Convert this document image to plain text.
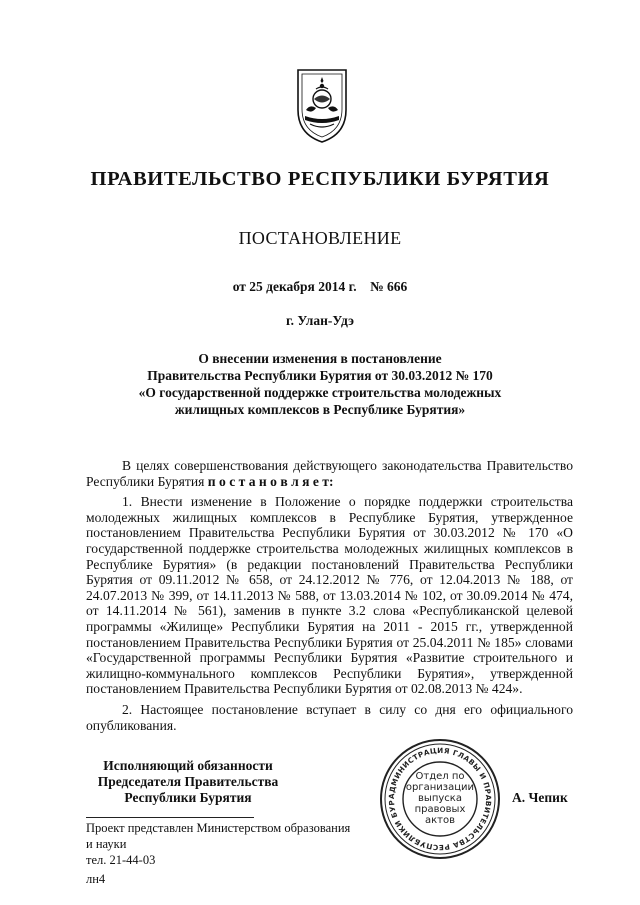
ПРАВИТЕЛЬСТВО РЕСПУБЛИКИ БУРЯТИЯ
ПОСТАНОВЛЕНИЕ
от 25 декабря 2014 г.    № 666
г. Улан-Удэ
О внесении изменения в постановление
Правительства Республики Бурятия от 30.03.2012 № 170
«О государственной поддержке строительства молодежных
жилищных комплексов в Республике Бурятия»

В целях совершенствования действующего законодательства Правительство Республики Бурятия п о с т а н о в л я е т:

1. Внести изменение в Положение о порядке поддержки строительства молодежных жилищных комплексов в Республике Бурятия, утвержденное постановлением Правительства Республики Бурятия от 30.03.2012 № 170 «О государственной поддержке строительства молодежных жилищных комплексов в Республике Бурятия» (в редакции постановлений Правительства Республики Бурятия от 09.11.2012 № 658, от 24.12.2012 № 776, от 12.04.2013 № 188, от 24.07.2013 № 399, от 14.11.2013 № 588, от 13.03.2014 № 102, от 30.09.2014 № 474, от 14.11.2014 № 561), заменив в пункте 3.2 слова «Республиканской целевой программы «Жилище» Республики Бурятия на 2011 - 2015 гг., утвержденной постановлением Правительства Республики Бурятия от 25.04.2011 № 185» словами «Государственной программы Республики Бурятия «Развитие строительного и жилищно-коммунального комплексов Республики Бурятия», утвержденной постановлением Правительства Республики Бурятия от 02.08.2013 № 424».

2. Настоящее постановление вступает в силу со дня его официального опубликования.

Исполняющий обязанности
Председателя Правительства
Республики Бурятия	АДМИНИСТРАЦИЯ ГЛАВЫ И ПРАВИТЕЛЬСТВА РЕСПУБЛИКИ БУР
Отдел по
организации
выпуска
правовых
актов
А. Чепик
Проект представлен Министерством образования
и науки
тел. 21-44-03
лн4
